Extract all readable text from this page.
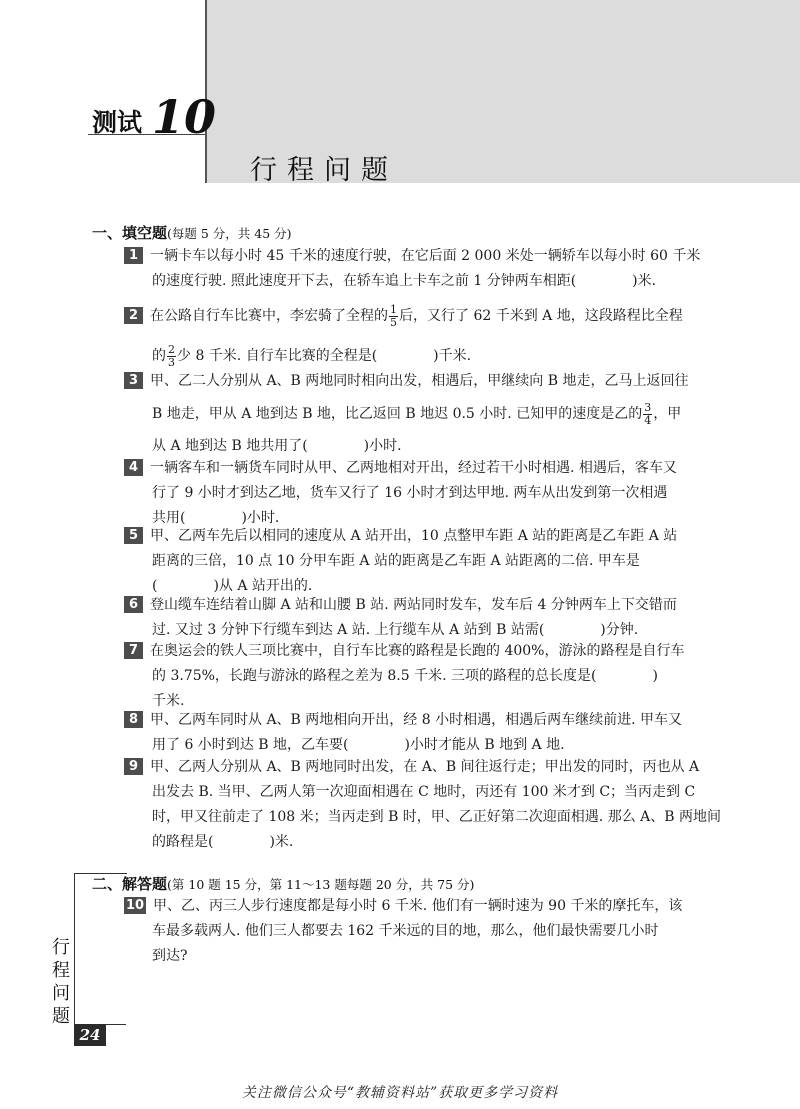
测试 10
行程问题
一、填空题(每题 5 分，共 45 分)
1 一辆卡车以每小时 45 千米的速度行驶，在它后面 2 000 米处一辆轿车以每小时 60 千米
的速度行驶. 照此速度开下去，在轿车追上卡车之前 1 分钟两车相距(　　　　)米.
2 在公路自行车比赛中，李宏骑了全程的 $\frac{1}{5}$ 后，又行了 62 千米到 A 地，这段路程比全程
的 $\frac{2}{3}$ 少 8 千米. 自行车比赛的全程是(　　　　)千米.
3 甲、乙二人分别从 A、B 两地同时相向出发，相遇后，甲继续向 B 地走，乙马上返回往
B 地走，甲从 A 地到达 B 地，比乙返回 B 地迟 0.5 小时. 已知甲的速度是乙的 $\frac{3}{4}$ ，甲
从 A 地到达 B 地共用了(　　　　)小时.
4 一辆客车和一辆货车同时从甲、乙两地相对开出，经过若干小时相遇. 相遇后，客车又
行了 9 小时才到达乙地，货车又行了 16 小时才到达甲地. 两车从出发到第一次相遇
共用(　　　　)小时.
5 甲、乙两车先后以相同的速度从 A 站开出，10 点整甲车距 A 站的距离是乙车距 A 站
距离的三倍，10 点 10 分甲车距 A 站的距离是乙车距 A 站距离的二倍. 甲车是
(　　　　)从 A 站开出的.
6 登山缆车连结着山脚 A 站和山腰 B 站. 两站同时发车，发车后 4 分钟两车上下交错而
过. 又过 3 分钟下行缆车到达 A 站. 上行缆车从 A 站到 B 站需(　　　　)分钟.
7 在奥运会的铁人三项比赛中，自行车比赛的路程是长跑的 400%，游泳的路程是自行车
的 3.75%，长跑与游泳的路程之差为 8.5 千米. 三项的路程的总长度是(　　　　)
千米.
8 甲、乙两车同时从 A、B 两地相向开出，经 8 小时相遇，相遇后两车继续前进. 甲车又
用了 6 小时到达 B 地，乙车要(　　　　)小时才能从 B 地到 A 地.
9 甲、乙两人分别从 A、B 两地同时出发，在 A、B 间往返行走；甲出发的同时，丙也从 A
出发去 B. 当甲、乙两人第一次迎面相遇在 C 地时，丙还有 100 米才到 C；当丙走到 C
时，甲又往前走了 108 米；当丙走到 B 时，甲、乙正好第二次迎面相遇. 那么 A、B 两地间
的路程是(　　　　)米.
二、解答题(第 10 题 15 分，第 11～13 题每题 20 分，共 75 分)
10 甲、乙、丙三人步行速度都是每小时 6 千米. 他们有一辆时速为 90 千米的摩托车，该
车最多载两人. 他们三人都要去 162 千米远的目的地，那么，他们最快需要几小时
到达?
行程问题
24
关注微信公众号“教辅资料站”获取更多学习资料
